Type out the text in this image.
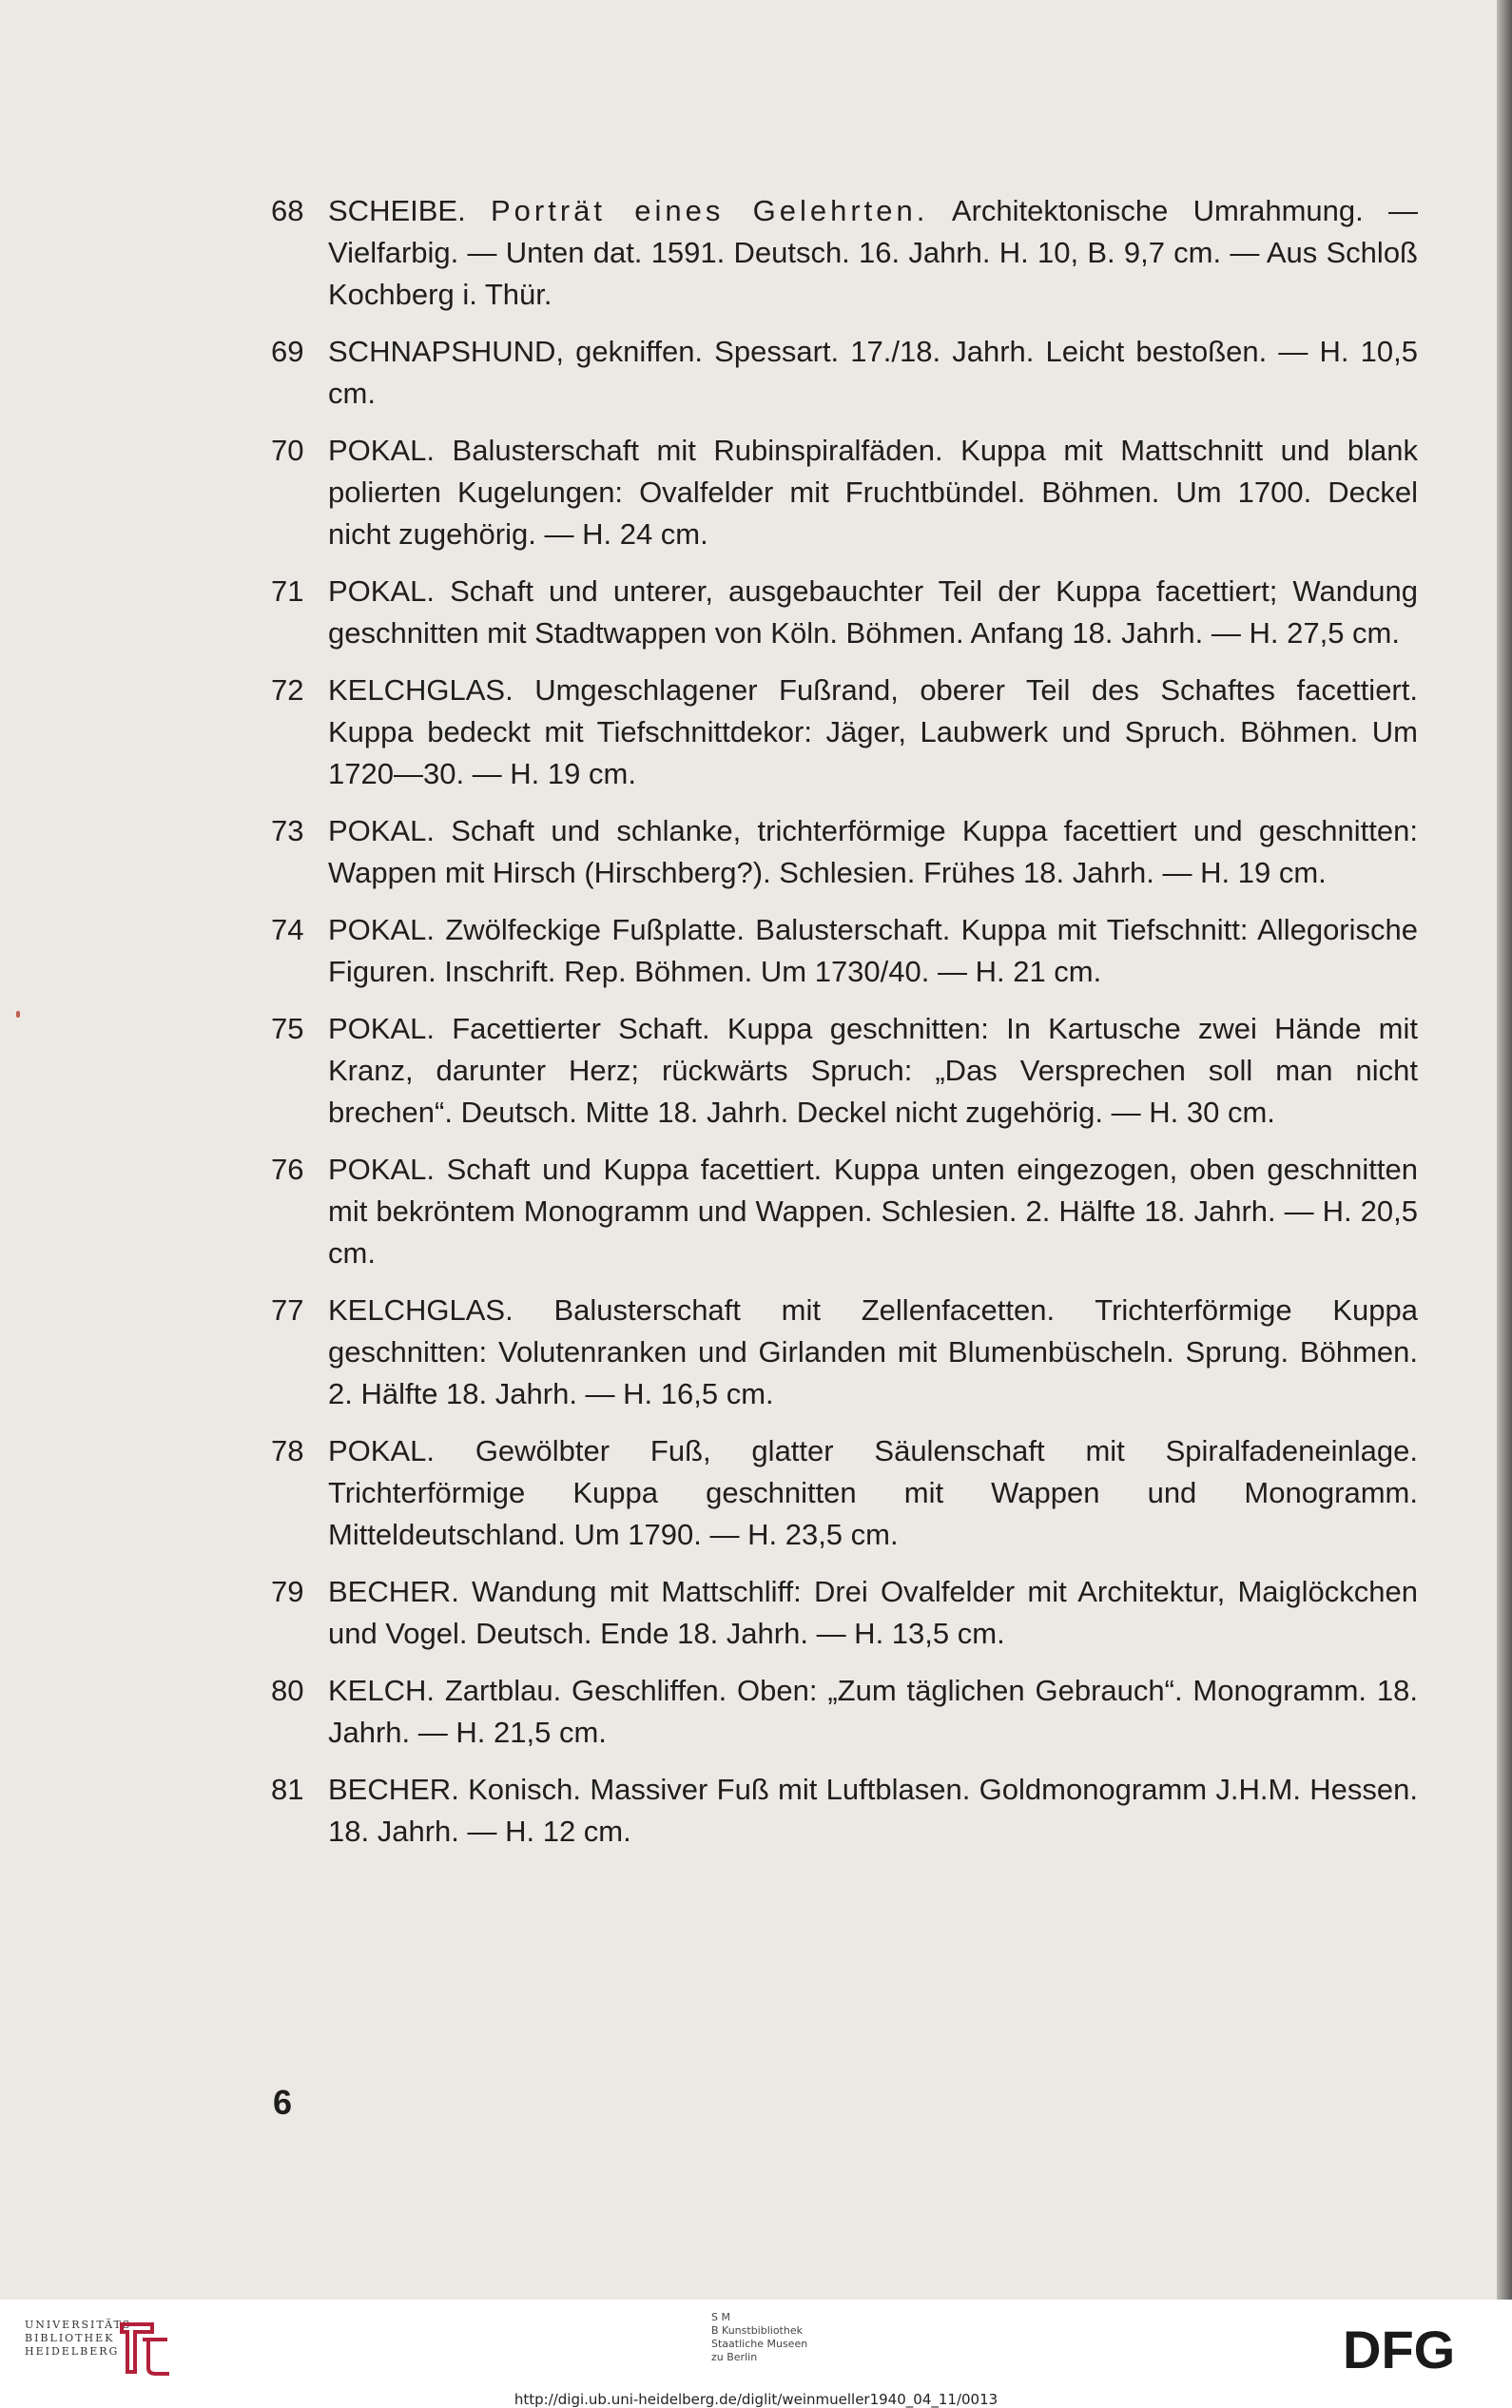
68 SCHEIBE. Porträt eines Gelehrten. Architektonische Umrahmung. — Vielfarbig. — Unten dat. 1591. Deutsch. 16. Jahrh. H. 10, B. 9,7 cm. — Aus Schloß Kochberg i. Thür.
69 SCHNAPSHUND, gekniffen. Spessart. 17./18. Jahrh. Leicht bestoßen. — H. 10,5 cm.
70 POKAL. Balusterschaft mit Rubinspiralfäden. Kuppa mit Mattschnitt und blank polierten Kugelungen: Ovalfelder mit Fruchtbündel. Böhmen. Um 1700. Deckel nicht zugehörig. — H. 24 cm.
71 POKAL. Schaft und unterer, ausgebauchter Teil der Kuppa facettiert; Wandung geschnitten mit Stadtwappen von Köln. Böhmen. Anfang 18. Jahrh. — H. 27,5 cm.
72 KELCHGLAS. Umgeschlagener Fußrand, oberer Teil des Schaftes facettiert. Kuppa bedeckt mit Tiefschnittdekor: Jäger, Laubwerk und Spruch. Böhmen. Um 1720—30. — H. 19 cm.
73 POKAL. Schaft und schlanke, trichterförmige Kuppa facettiert und geschnitten: Wappen mit Hirsch (Hirschberg?). Schlesien. Frühes 18. Jahrh. — H. 19 cm.
74 POKAL. Zwölfeckige Fußplatte. Balusterschaft. Kuppa mit Tiefschnitt: Allegorische Figuren. Inschrift. Rep. Böhmen. Um 1730/40. — H. 21 cm.
75 POKAL. Facettierter Schaft. Kuppa geschnitten: In Kartusche zwei Hände mit Kranz, darunter Herz; rückwärts Spruch: „Das Versprechen soll man nicht brechen“. Deutsch. Mitte 18. Jahrh. Deckel nicht zugehörig. — H. 30 cm.
76 POKAL. Schaft und Kuppa facettiert. Kuppa unten eingezogen, oben geschnitten mit bekröntem Monogramm und Wappen. Schlesien. 2. Hälfte 18. Jahrh. — H. 20,5 cm.
77 KELCHGLAS. Balusterschaft mit Zellenfacetten. Trichterförmige Kuppa geschnitten: Volutenranken und Girlanden mit Blumenbüscheln. Sprung. Böhmen. 2. Hälfte 18. Jahrh. — H. 16,5 cm.
78 POKAL. Gewölbter Fuß, glatter Säulenschaft mit Spiralfadeneinlage. Trichterförmige Kuppa geschnitten mit Wappen und Monogramm. Mitteldeutschland. Um 1790. — H. 23,5 cm.
79 BECHER. Wandung mit Mattschliff: Drei Ovalfelder mit Architektur, Maiglöckchen und Vogel. Deutsch. Ende 18. Jahrh. — H. 13,5 cm.
80 KELCH. Zartblau. Geschliffen. Oben: „Zum täglichen Gebrauch“. Monogramm. 18. Jahrh. — H. 21,5 cm.
81 BECHER. Konisch. Massiver Fuß mit Luftblasen. Goldmonogramm J.H.M. Hessen. 18. Jahrh. — H. 12 cm.
6
UNIVERSITÄTS-
BIBLIOTHEK
HEIDELBERG
S M
B Kunstbibliothek
Staatliche Museen
zu Berlin	DFG
http://digi.ub.uni-heidelberg.de/diglit/weinmueller1940_04_11/0013
